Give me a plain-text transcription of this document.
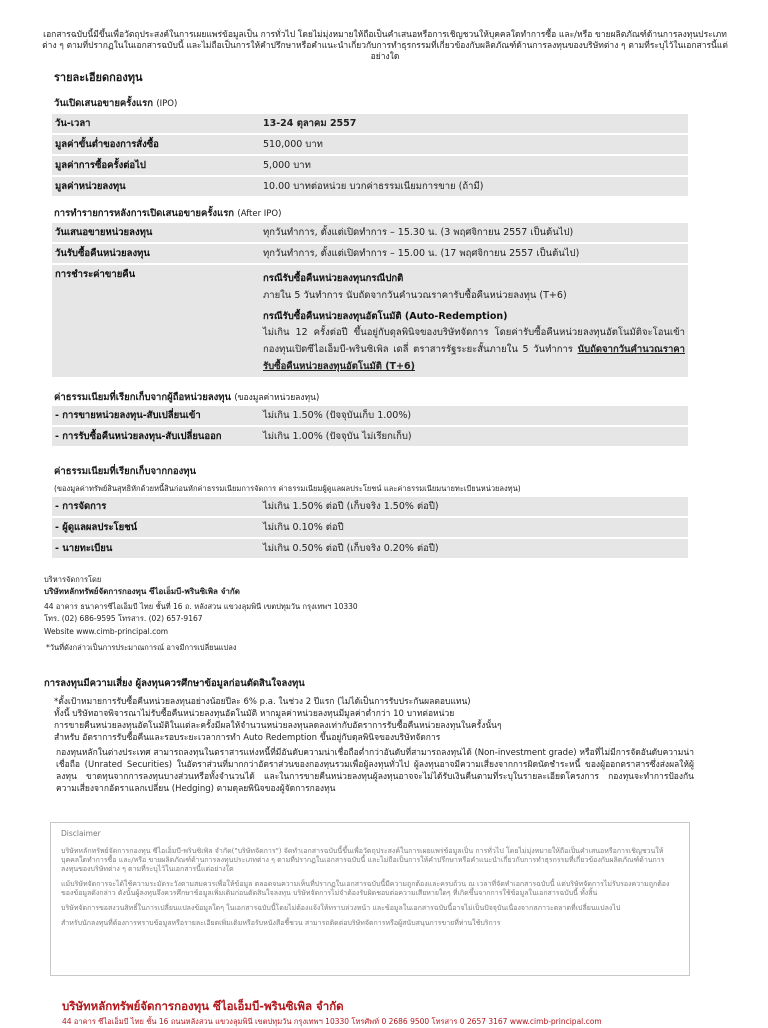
เอกสารฉบับนี้มีขึ้นเพื่อวัตถุประสงค์ในการเผยแพร่ข้อมูลเป็น การทั่วไป โดยไม่มุ่งหมายให้ถือเป็นคำเสนอหรือการเชิญชวนให้บุคคลใดทำการซื้อ และ/หรือ ขายผลิตภัณฑ์ด้านการลงทุนประเภทต่าง ๆ ตามที่ปรากฏในในเอกสารฉบับนี้ และไม่ถือเป็นการให้คำปรึกษาหรือคำแนะนำเกี่ยวกับการทำธุรกรรมที่เกี่ยวข้องกับผลิตภัณฑ์ด้านการลงทุนของบริษัทต่าง ๆ ตามที่ระบุไว้ในเอกสารนี้แต่อย่างใด
รายละเอียดกองทุน
วันเปิดเสนอขายครั้งแรก (IPO)
วัน-เวลา	13-24 ตุลาคม 2557
มูลค่าขั้นต่ำของการสั่งซื้อ	510,000 บาท
มูลค่าการซื้อครั้งต่อไป	5,000 บาท
มูลค่าหน่วยลงทุน	10.00 บาทต่อหน่วย บวกค่าธรรมเนียมการขาย (ถ้ามี)
การทำรายการหลังการเปิดเสนอขายครั้งแรก (After IPO)
วันเสนอขายหน่วยลงทุน	ทุกวันทำการ, ตั้งแต่เปิดทำการ – 15.30 น. (3 พฤศจิกายน 2557 เป็นต้นไป)
วันรับซื้อคืนหน่วยลงทุน	ทุกวันทำการ, ตั้งแต่เปิดทำการ – 15.00 น. (17 พฤศจิกายน 2557 เป็นต้นไป)
การชำระค่าขายคืน	กรณีรับซื้อคืนหน่วยลงทุนกรณีปกติ
ภายใน 5 วันทำการ นับถัดจากวันคำนวณราคารับซื้อคืนหน่วยลงทุน (T+6)
กรณีรับซื้อคืนหน่วยลงทุนอัตโนมัติ (Auto-Redemption)
ไม่เกิน 12 ครั้งต่อปี ขึ้นอยู่กับดุลพินิจของบริษัทจัดการ โดยค่ารับซื้อคืนหน่วยลงทุนอัตโนมัติจะโอนเข้ากองทุนเปิดซีไอเอ็มบี-พรินซิเพิล เดลี่ ตราสารรัฐระยะสั้นภายใน 5 วันทำการ นับถัดจากวันคำนวณราคารับซื้อคืนหน่วยลงทุนอัตโนมัติ (T+6)
ค่าธรรมเนียมที่เรียกเก็บจากผู้ถือหน่วยลงทุน (ของมูลค่าหน่วยลงทุน)
- การขายหน่วยลงทุน-สับเปลี่ยนเข้า	ไม่เกิน 1.50% (ปัจจุบันเก็บ 1.00%)
- การรับซื้อคืนหน่วยลงทุน-สับเปลี่ยนออก	ไม่เกิน 1.00% (ปัจจุบัน ไม่เรียกเก็บ)
ค่าธรรมเนียมที่เรียกเก็บจากกองทุน
(ของมูลค่าทรัพย์สินสุทธิหักด้วยหนี้สินก่อนหักค่าธรรมเนียมการจัดการ ค่าธรรมเนียมผู้ดูแลผลประโยชน์ และค่าธรรมเนียมนายทะเบียนหน่วยลงทุน)
- การจัดการ	ไม่เกิน 1.50% ต่อปี (เก็บจริง 1.50% ต่อปี)
- ผู้ดูแลผลประโยชน์	ไม่เกิน 0.10% ต่อปี
- นายทะเบียน	ไม่เกิน 0.50% ต่อปี (เก็บจริง 0.20% ต่อปี)
บริหารจัดการโดย
บริษัทหลักทรัพย์จัดการกองทุน ซีไอเอ็มบี-พรินซิเพิล จำกัด
44 อาคาร ธนาคารซีไอเอ็มบี ไทย ชั้นที่ 16 ถ. หลังสวน แขวงลุมพินี เขตปทุมวัน กรุงเทพฯ 10330
โทร. (02) 686-9595 โทรสาร. (02) 657-9167
Website www.cimb-principal.com
*วันที่ดังกล่าวเป็นการประมาณการณ์ อาจมีการเปลี่ยนแปลง
การลงทุนมีความเสี่ยง ผู้ลงทุนควรศึกษาข้อมูลก่อนตัดสินใจลงทุน

*ตั้งเป้าหมายการรับซื้อคืนหน่วยลงทุนอย่างน้อยปีละ 6% p.a. ในช่วง 2 ปีแรก (ไม่ได้เป็นการรับประกันผลตอบแทน)

ทั้งนี้ บริษัทอาจพิจารณาไม่รับซื้อคืนหน่วยลงทุนอัตโนมัติ หากมูลค่าหน่วยลงทุนมีมูลค่าต่ำกว่า 10 บาทต่อหน่วย

การขายคืนหน่วยลงทุนอัตโนมัติในแต่ละครั้งมีผลให้จำนวนหน่วยลงทุนลดลงเท่ากับอัตราการรับซื้อคืนหน่วยลงทุนในครั้งนั้นๆ

สำหรับ อัตราการรับซื้อคืนและรอบระยะเวลาการทำ Auto Redemption ขึ้นอยู่กับดุลพินิจของบริษัทจัดการ

กองทุนหลักในต่างประเทศ สามารถลงทุนในตราสารแห่งหนี้ที่มีอันดับความน่าเชื่อถือต่ำกว่าอันดับที่สามารถลงทุนได้ (Non-investment grade) หรือที่ไม่มีการจัดอันดับความน่าเชื่อถือ (Unrated Securities) ในอัตราส่วนที่มากกว่าอัตราส่วนของกองทุนรวมเพื่อผู้ลงทุนทั่วไป ผู้ลงทุนอาจมีความเสี่ยงจากการผิดนัดชำระหนี้ ของผู้ออกตราสารซึ่งส่งผลให้ผู้ลงทุน ขาดทุนจากการลงทุนบางส่วนหรือทั้งจำนวนได้ และในการขายคืนหน่วยลงทุนผู้ลงทุนอาจจะไม่ได้รับเงินคืนตามที่ระบุในรายละเอียดโครงการ กองทุนจะทำการป้องกันความเสี่ยงจากอัตราแลกเปลี่ยน (Hedging) ตามดุลยพินิจของผู้จัดการกองทุน

Disclaimer

บริษัทหลักทรัพย์จัดการกองทุน ซีไอเอ็มบี-พรินซิเพิล จำกัด("บริษัทจัดการ") จัดทำเอกสารฉบับนี้ขึ้นเพื่อวัตถุประสงค์ในการเผยแพร่ข้อมูลเป็น การทั่วไป โดยไม่มุ่งหมายให้ถือเป็นคำเสนอหรือการเชิญชวนให้บุคคลใดทำการซื้อ และ/หรือ ขายผลิตภัณฑ์ด้านการลงทุนประเภทต่าง ๆ ตามที่ปรากฏในเอกสารฉบับนี้ และไม่ถือเป็นการให้คำปรึกษาหรือคำแนะนำเกี่ยวกับการทำธุรกรรมที่เกี่ยวข้องกับผลิตภัณฑ์ด้านการลงทุนของบริษัทต่าง ๆ ตามที่ระบุไว้ในเอกสารนี้แต่อย่างใด

แม้บริษัทจัดการจะได้ใช้ความระมัดระวังตามสมควรเพื่อให้ข้อมูล ตลอดจนความเห็นที่ปรากฏในเอกสารฉบับนี้มีความถูกต้องและครบถ้วน ณ เวลาที่จัดทำเอกสารฉบับนี้ แต่บริษัทจัดการไม่รับรองความถูกต้องของข้อมูลดังกล่าว ดังนั้นผู้ลงทุนจึงควรศึกษาข้อมูลเพิ่มเติมก่อนตัดสินใจลงทุน บริษัทจัดการไม่จำต้องรับผิดชอบต่อความเสียหายใดๆ ที่เกิดขึ้นจากการใช้ข้อมูลในเอกสารฉบับนี้ ทั้งสิ้น

บริษัทจัดการขอสงวนสิทธิ์ในการเปลี่ยนแปลงข้อมูลใดๆ ในเอกสารฉบับนี้โดยไม่ต้องแจ้งให้ทราบล่วงหน้า และข้อมูลในเอกสารฉบับนี้อาจไม่เป็นปัจจุบันเนื่องจากสภาวะตลาดที่เปลี่ยนแปลงไป

สำหรับนักลงทุนที่ต้องการทราบข้อมูลหรือรายละเอียดเพิ่มเติมหรือรับหนังสือชี้ชวน สามารถติดต่อบริษัทจัดการหรือผู้สนับสนุนการขายที่ท่านใช้บริการ

บริษัทหลักทรัพย์จัดการกองทุน ซีไอเอ็มบี-พรินซิเพิล จำกัด
44 อาคาร ซีไอเอ็มบี ไทย ชั้น 16 ถนนหลังสวน แขวงลุมพินี เขตปทุมวัน กรุงเทพฯ 10330 โทรศัพท์ 0 2686 9500 โทรสาร 0 2657 3167 www.cimb-principal.com
